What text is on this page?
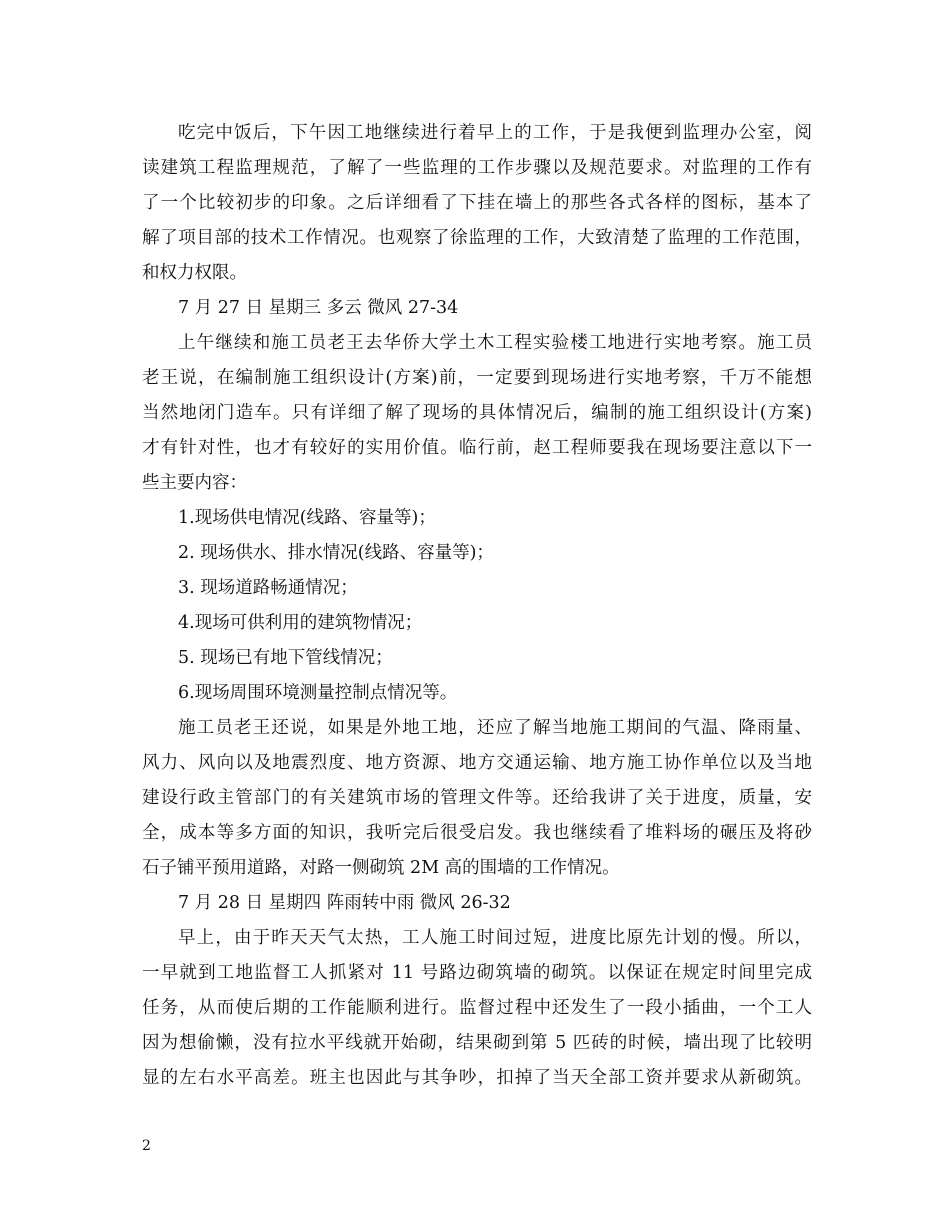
吃完中饭后，下午因工地继续进行着早上的工作，于是我便到监理办公室，阅
读建筑工程监理规范，了解了一些监理的工作步骤以及规范要求。对监理的工作有
了一个比较初步的印象。之后详细看了下挂在墙上的那些各式各样的图标，基本了
解了项目部的技术工作情况。也观察了徐监理的工作，大致清楚了监理的工作范围，
和权力权限。
7 月 27 日 星期三 多云 微风 27-34
上午继续和施工员老王去华侨大学土木工程实验楼工地进行实地考察。施工员
老王说，在编制施工组织设计(方案)前，一定要到现场进行实地考察，千万不能想
当然地闭门造车。只有详细了解了现场的具体情况后，编制的施工组织设计(方案)
才有针对性，也才有较好的实用价值。临行前，赵工程师要我在现场要注意以下一
些主要内容：
1.现场供电情况(线路、容量等)；
2. 现场供水、排水情况(线路、容量等)；
3. 现场道路畅通情况；
4.现场可供利用的建筑物情况；
5. 现场已有地下管线情况；
6.现场周围环境测量控制点情况等。
施工员老王还说，如果是外地工地，还应了解当地施工期间的气温、降雨量、
风力、风向以及地震烈度、地方资源、地方交通运输、地方施工协作单位以及当地
建设行政主管部门的有关建筑市场的管理文件等。还给我讲了关于进度，质量，安
全，成本等多方面的知识，我听完后很受启发。我也继续看了堆料场的碾压及将砂
石子铺平预用道路，对路一侧砌筑 2M 高的围墙的工作情况。
7 月 28 日 星期四 阵雨转中雨 微风 26-32
早上，由于昨天天气太热，工人施工时间过短，进度比原先计划的慢。所以，
一早就到工地监督工人抓紧对 11 号路边砌筑墙的砌筑。以保证在规定时间里完成
任务，从而使后期的工作能顺利进行。监督过程中还发生了一段小插曲，一个工人
因为想偷懒，没有拉水平线就开始砌，结果砌到第 5 匹砖的时候，墙出现了比较明
显的左右水平高差。班主也因此与其争吵，扣掉了当天全部工资并要求从新砌筑。
2
